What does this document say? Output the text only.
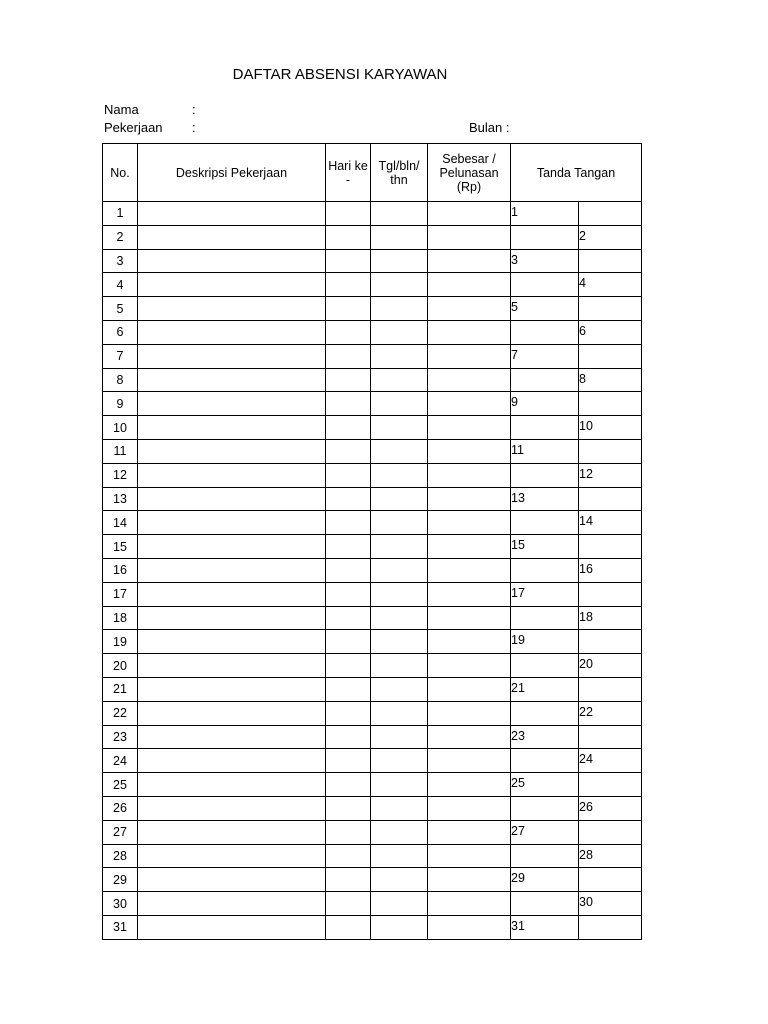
DAFTAR ABSENSI KARYAWAN
Nama	:
Pekerjaan :	Bulan :
No.	Deskripsi Pekerjaan	Hari ke -	Tgl/bln/ thn	Sebesar / Pelunasan (Rp)	Tanda Tangan	
1					1	
2						2
3					3	
4						4
5					5	
6						6
7					7	
8						8
9					9	
10						10
11					11	
12						12
13					13	
14						14
15					15	
16						16
17					17	
18						18
19					19	
20						20
21					21	
22						22
23					23	
24						24
25					25	
26						26
27					27	
28						28
29					29	
30						30
31					31	
